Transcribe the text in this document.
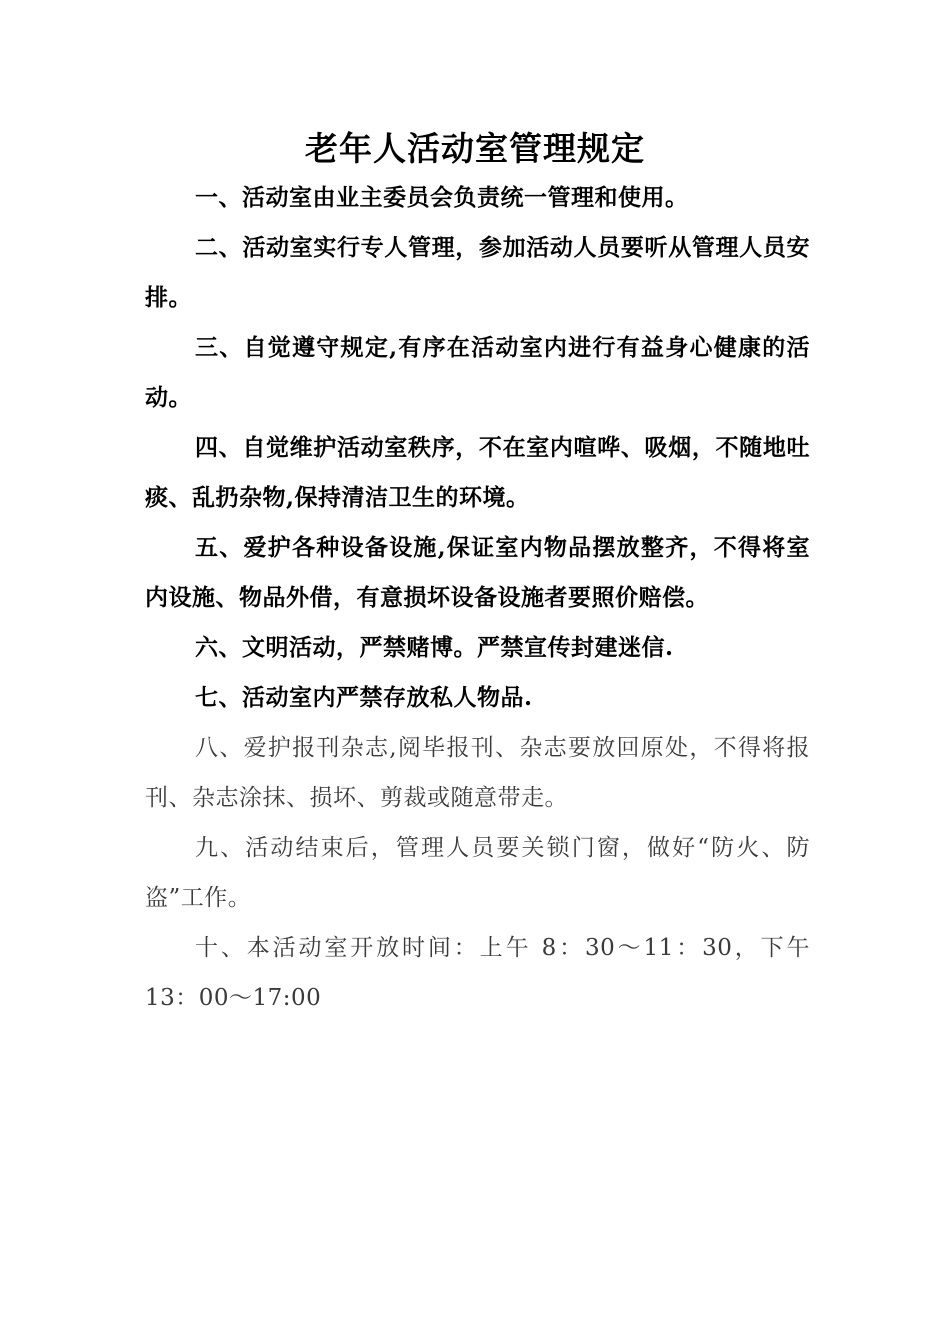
老年人活动室管理规定

一、活动室由业主委员会负责统一管理和使用。

二、活动室实行专人管理，参加活动人员要听从管理人员安排。

三、自觉遵守规定,有序在活动室内进行有益身心健康的活动。

四、自觉维护活动室秩序，不在室内喧哗、吸烟，不随地吐痰、乱扔杂物,保持清洁卫生的环境。

五、爱护各种设备设施,保证室内物品摆放整齐，不得将室内设施、物品外借，有意损坏设备设施者要照价赔偿。

六、文明活动，严禁赌博。严禁宣传封建迷信.

七、活动室内严禁存放私人物品.

八、爱护报刊杂志,阅毕报刊、杂志要放回原处，不得将报刊、杂志涂抹、损坏、剪裁或随意带走。

九、活动结束后，管理人员要关锁门窗，做好“防火、防盗”工作。

十、本活动室开放时间：上午 8：30～11：30，下午 13：00～17:00
